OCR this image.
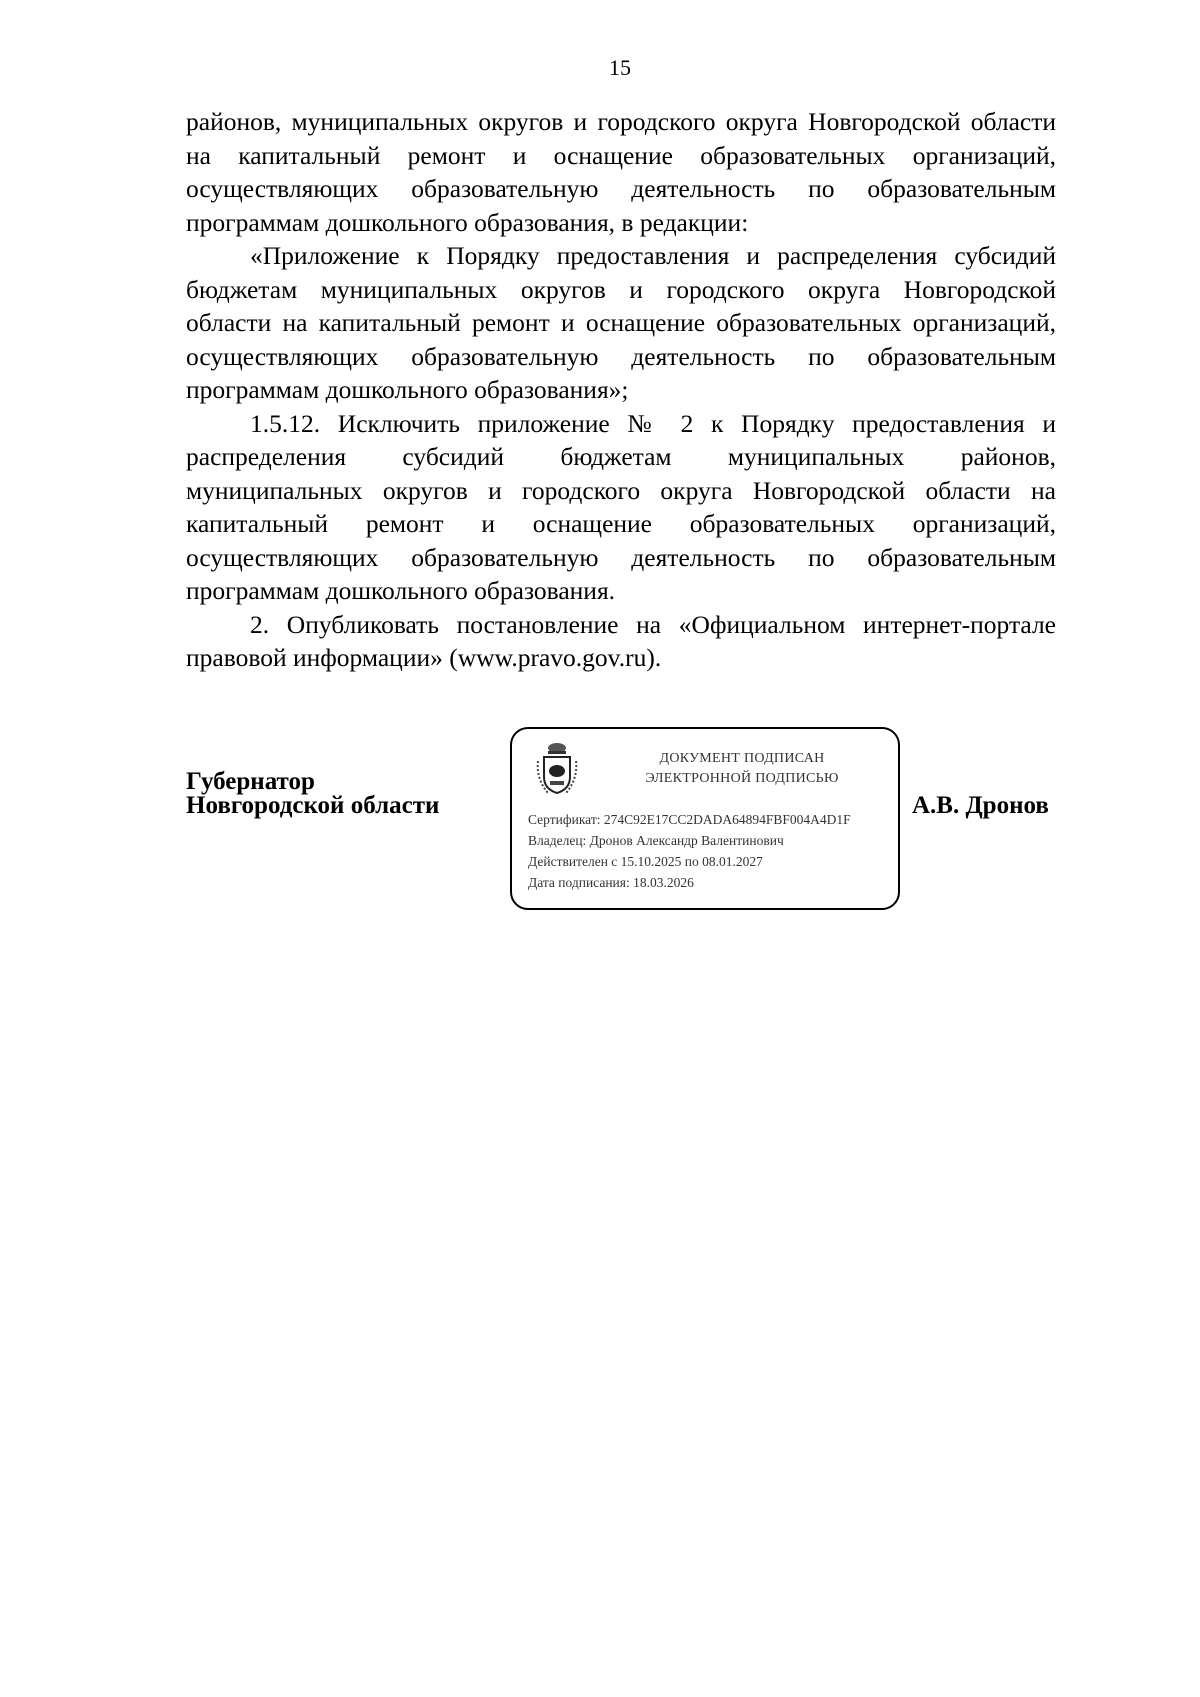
15
районов, муниципальных округов и городского округа Новгородской области
на капитальный ремонт и оснащение образовательных организаций,
осуществляющих образовательную деятельность по образовательным
программам дошкольного образования, в редакции:
«Приложение к Порядку предоставления и распределения субсидий
бюджетам муниципальных округов и городского округа Новгородской
области на капитальный ремонт и оснащение образовательных организаций,
осуществляющих образовательную деятельность по образовательным
программам дошкольного образования»;
1.5.12. Исключить приложение № 2 к Порядку предоставления и
распределения субсидий бюджетам муниципальных районов,
муниципальных округов и городского округа Новгородской области на
капитальный ремонт и оснащение образовательных организаций,
осуществляющих образовательную деятельность по образовательным
программам дошкольного образования.
2. Опубликовать постановление на «Официальном интернет-портале
правовой информации» (www.pravo.gov.ru).
Губернатор
Новгородской области
ДОКУМЕНТ ПОДПИСАН
ЭЛЕКТРОННОЙ ПОДПИСЬЮ
Сертификат: 274C92E17CC2DADA64894FBF004A4D1F
Владелец: Дронов Александр Валентинович
Действителен с 15.10.2025 по 08.01.2027
Дата подписания: 18.03.2026
А.В. Дронов
